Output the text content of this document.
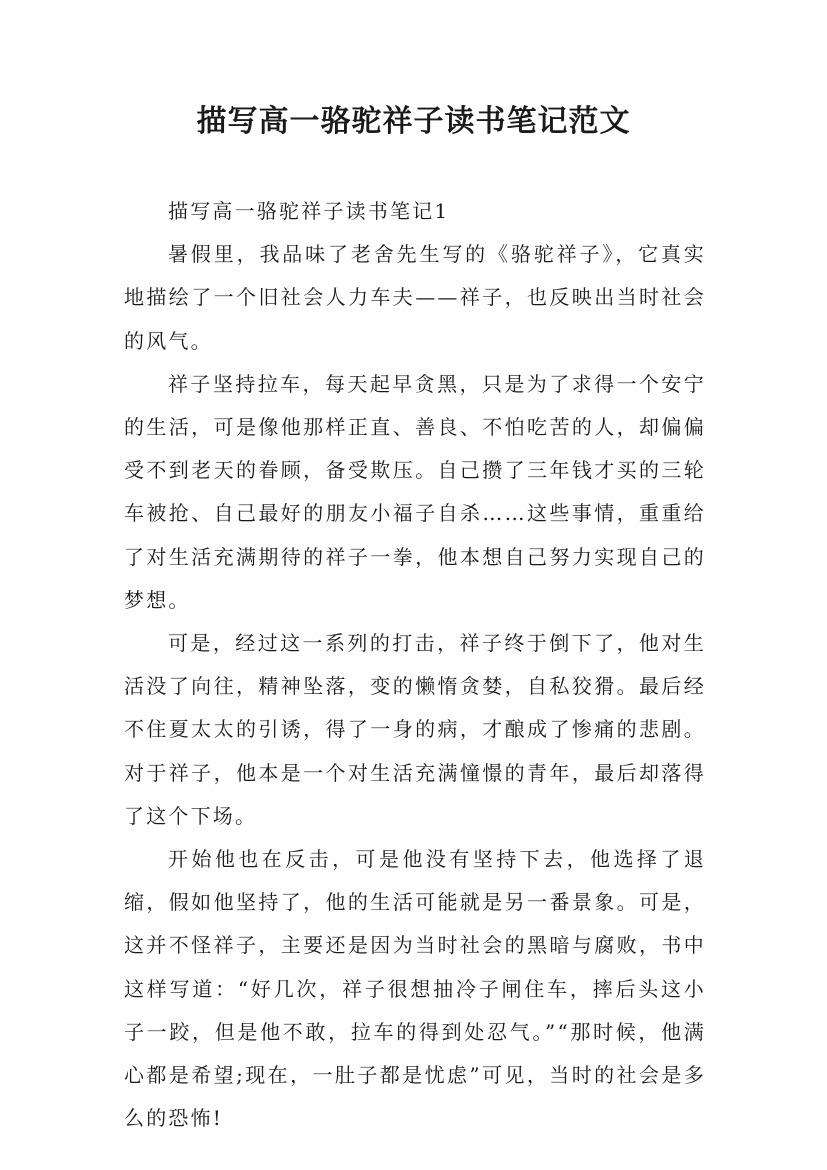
描写高一骆驼祥子读书笔记范文

描写高一骆驼祥子读书笔记1

暑假里，我品味了老舍先生写的《骆驼祥子》，它真实地描绘了一个旧社会人力车夫——祥子，也反映出当时社会的风气。

祥子坚持拉车，每天起早贪黑，只是为了求得一个安宁的生活，可是像他那样正直、善良、不怕吃苦的人，却偏偏受不到老天的眷顾，备受欺压。自己攒了三年钱才买的三轮车被抢、自己最好的朋友小福子自杀……这些事情，重重给了对生活充满期待的祥子一拳，他本想自己努力实现自己的梦想。

可是，经过这一系列的打击，祥子终于倒下了，他对生活没了向往，精神坠落，变的懒惰贪婪，自私狡猾。最后经不住夏太太的引诱，得了一身的病，才酿成了惨痛的悲剧。对于祥子，他本是一个对生活充满憧憬的青年，最后却落得了这个下场。

开始他也在反击，可是他没有坚持下去，他选择了退缩，假如他坚持了，他的生活可能就是另一番景象。可是，这并不怪祥子，主要还是因为当时社会的黑暗与腐败，书中这样写道：“好几次，祥子很想抽冷子闸住车，摔后头这小子一跤，但是他不敢，拉车的得到处忍气。”“那时候，他满心都是希望;现在，一肚子都是忧虑”可见，当时的社会是多么的恐怖!
